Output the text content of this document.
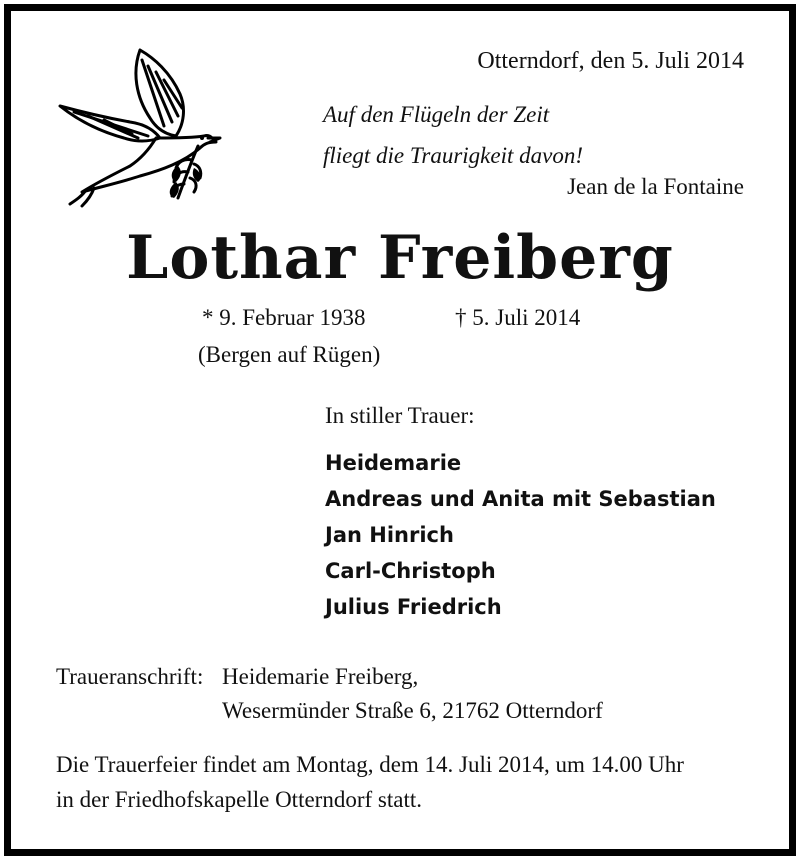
Otterndorf, den 5. Juli 2014
Auf den Flügeln der Zeit
fliegt die Traurigkeit davon!
Jean de la Fontaine
Lothar Freiberg
* 9. Februar 1938	† 5. Juli 2014
(Bergen auf Rügen)
In stiller Trauer:
Heidemarie
Andreas und Anita mit Sebastian
Jan Hinrich
Carl-Christoph
Julius Friedrich
Traueranschrift: Heidemarie Freiberg,
Wesermünder Straße 6, 21762 Otterndorf
Die Trauerfeier findet am Montag, dem 14. Juli 2014, um 14.00 Uhr
in der Friedhofskapelle Otterndorf statt.
